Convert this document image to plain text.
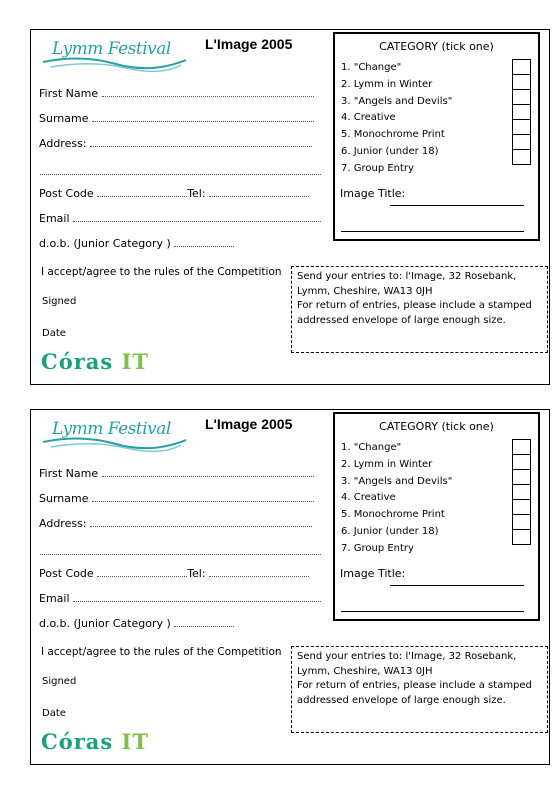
Lymm Festival L'Image 2005
First Name
Surname
Address:
Post Code	Tel:
Email
d.o.b. (Junior Category )
I accept/agree to the rules of the Competition
Signed
Date
Córas IT
CATEGORY (tick one)
1. "Change"
2. Lymm in Winter
3. "Angels and Devils"
4. Creative
5. Monochrome Print
6. Junior (under 18)
7. Group Entry
Image Title:
Send your entries to: l'Image, 32 Rosebank,
Lymm, Cheshire, WA13 0JH
For return of entries, please include a stamped
addressed envelope of large enough size.
Lymm Festival L'Image 2005
First Name
Surname
Address:
Post Code	Tel:
Email
d.o.b. (Junior Category )
I accept/agree to the rules of the Competition
Signed
Date
Córas IT
CATEGORY (tick one)
1. "Change"
2. Lymm in Winter
3. "Angels and Devils"
4. Creative
5. Monochrome Print
6. Junior (under 18)
7. Group Entry
Image Title:
Send your entries to: l'Image, 32 Rosebank,
Lymm, Cheshire, WA13 0JH
For return of entries, please include a stamped
addressed envelope of large enough size.
